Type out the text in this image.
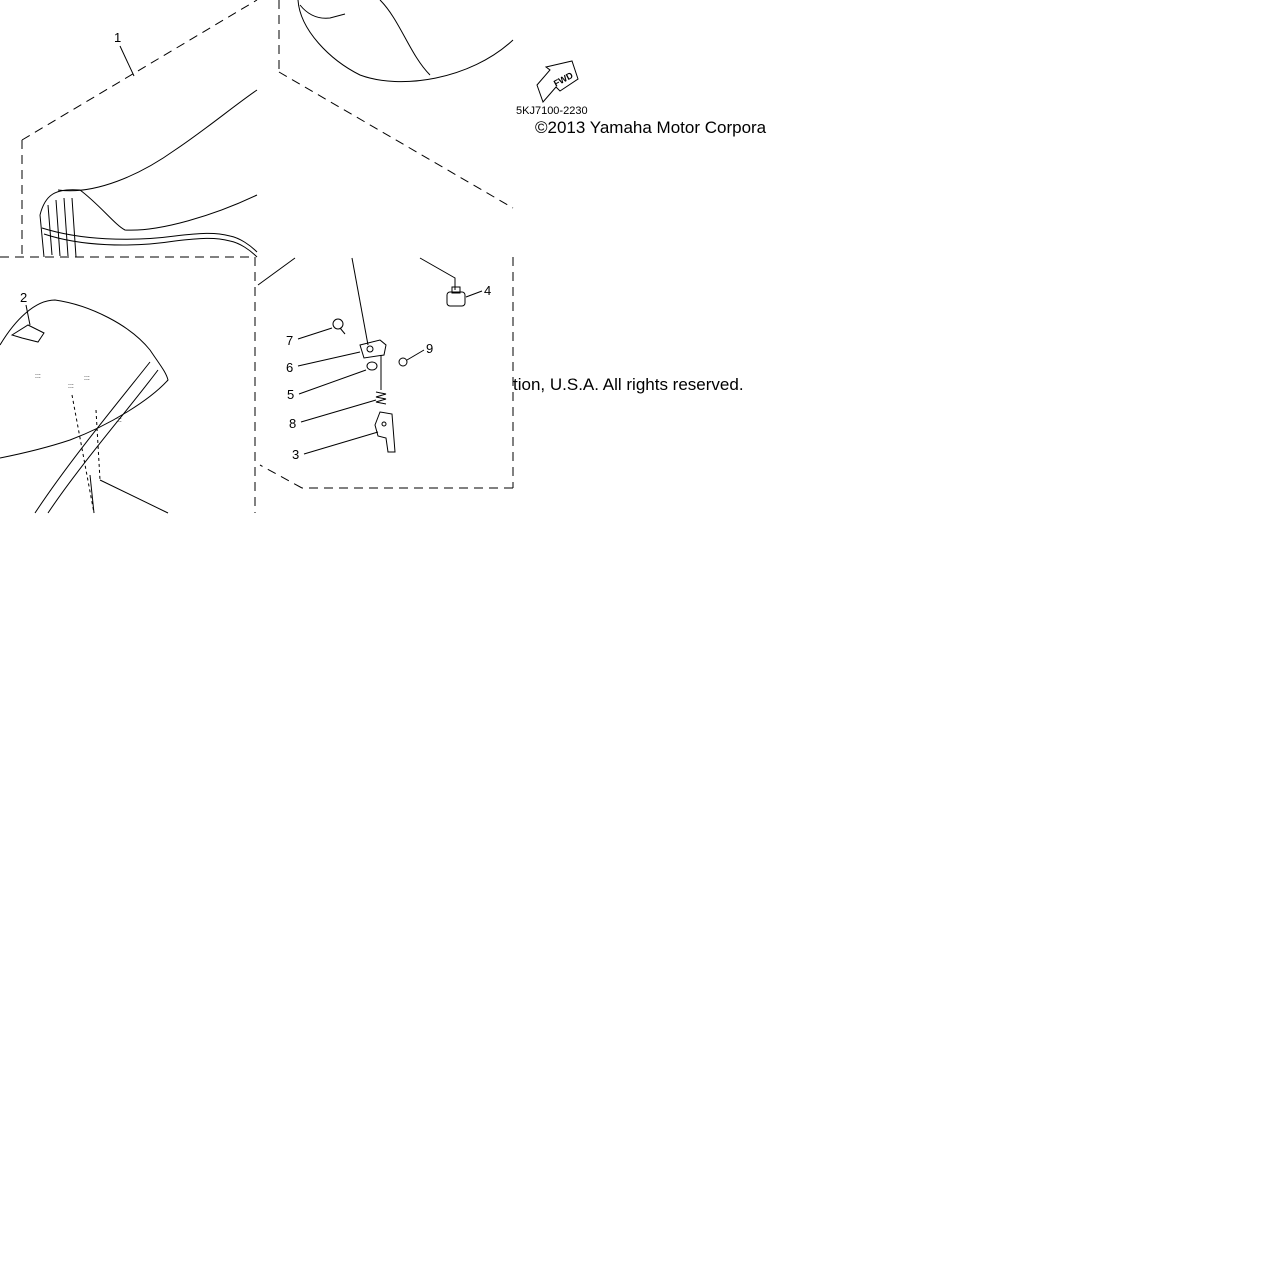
:::
:::
:::
:::
1
2
3
4
5
6
7
8
9
FWD
5KJ7100-2230
©2013 Yamaha Motor Corpora
tion, U.S.A. All rights reserved.
